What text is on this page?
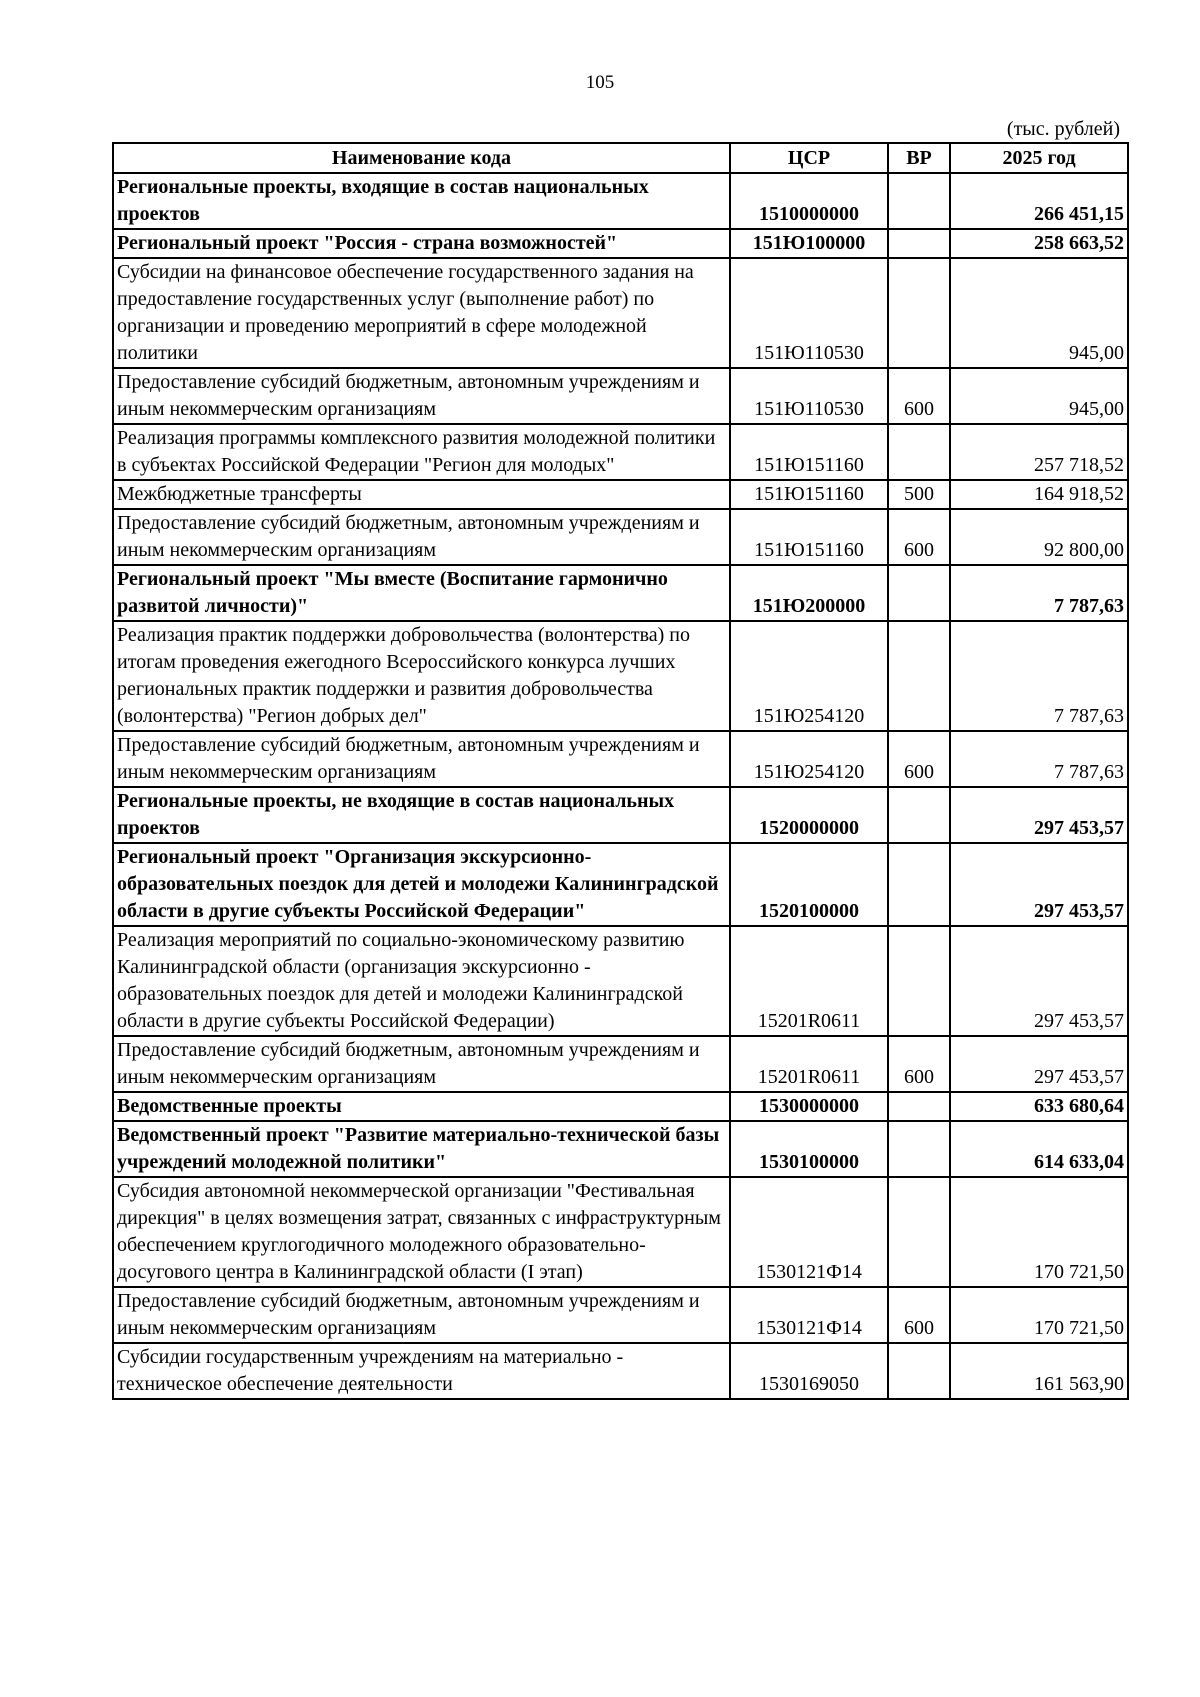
105
(тыс. рублей)
Наименование кода	ЦСР	ВР	2025 год
Региональные проекты, входящие в состав национальных проектов	1510000000		266 451,15
Региональный проект "Россия - страна возможностей"	151Ю100000		258 663,52
Субсидии на финансовое обеспечение государственного задания на предоставление государственных услуг (выполнение работ) по организации и проведению мероприятий в сфере молодежной политики	151Ю110530		945,00
Предоставление субсидий бюджетным, автономным учреждениям и иным некоммерческим организациям	151Ю110530	600	945,00
Реализация программы комплексного развития молодежной политики в субъектах Российской Федерации "Регион для молодых"	151Ю151160		257 718,52
Межбюджетные трансферты	151Ю151160	500	164 918,52
Предоставление субсидий бюджетным, автономным учреждениям и иным некоммерческим организациям	151Ю151160	600	92 800,00
Региональный проект "Мы вместе (Воспитание гармонично развитой личности)"	151Ю200000		7 787,63
Реализация практик поддержки добровольчества (волонтерства) по итогам проведения ежегодного Всероссийского конкурса лучших региональных практик поддержки и развития добровольчества (волонтерства) "Регион добрых дел"	151Ю254120		7 787,63
Предоставление субсидий бюджетным, автономным учреждениям и иным некоммерческим организациям	151Ю254120	600	7 787,63
Региональные проекты, не входящие в состав национальных проектов	1520000000		297 453,57
Региональный проект "Организация экскурсионно-образовательных поездок для детей и молодежи Калининградской области в другие субъекты Российской Федерации"	1520100000		297 453,57
Реализация мероприятий по социально-экономическому развитию Калининградской области (организация экскурсионно - образовательных поездок для детей и молодежи Калининградской области в другие субъекты Российской Федерации)	15201R0611		297 453,57
Предоставление субсидий бюджетным, автономным учреждениям и иным некоммерческим организациям	15201R0611	600	297 453,57
Ведомственные проекты	1530000000		633 680,64
Ведомственный проект "Развитие материально-технической базы учреждений молодежной политики"	1530100000		614 633,04
Субсидия автономной некоммерческой организации "Фестивальная дирекция" в целях возмещения затрат, связанных с инфраструктурным обеспечением круглогодичного молодежного образовательно-досугового центра в Калининградской области (I этап)	1530121Ф14		170 721,50
Предоставление субсидий бюджетным, автономным учреждениям и иным некоммерческим организациям	1530121Ф14	600	170 721,50
Субсидии государственным учреждениям на материально - техническое обеспечение деятельности	1530169050		161 563,90
